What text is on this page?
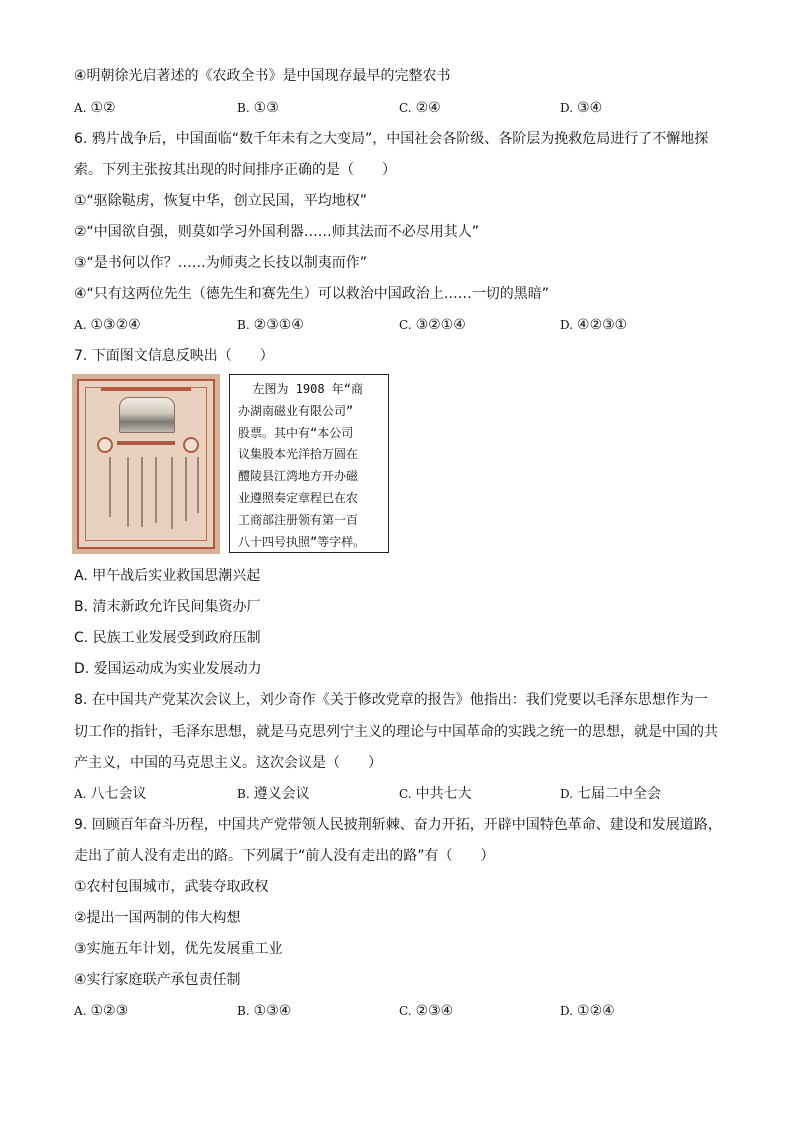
④明朝徐光启著述的《农政全书》是中国现存最早的完整农书
A. ①②	B. ①③	C. ②④	D. ③④
6. 鸦片战争后，中国面临“数千年未有之大变局”，中国社会各阶级、各阶层为挽救危局进行了不懈地探
索。下列主张按其出现的时间排序正确的是（　　）
①“驱除鞑虏，恢复中华，创立民国，平均地权”
②“中国欲自强，则莫如学习外国利器……师其法而不必尽用其人”
③“是书何以作？……为师夷之长技以制夷而作”
④“只有这两位先生（德先生和赛先生）可以救治中国政治上……一切的黑暗”
A. ①③②④	B. ②③①④	C. ③②①④	D. ④②③①
7. 下面图文信息反映出（　　）

左图为 1908 年“商

办湖南磁业有限公司”

股票。其中有“本公司

议集股本光洋拾万圆在

醴陵县江湾地方开办磁

业遵照奏定章程已在农

工商部注册领有第一百

八十四号执照”等字样。

A. 甲午战后实业救国思潮兴起
B. 清末新政允许民间集资办厂
C. 民族工业发展受到政府压制
D. 爱国运动成为实业发展动力
8. 在中国共产党某次会议上，刘少奇作《关于修改党章的报告》他指出：我们党要以毛泽东思想作为一
切工作的指针，毛泽东思想，就是马克思列宁主义的理论与中国革命的实践之统一的思想，就是中国的共
产主义，中国的马克思主义。这次会议是（　　）
A. 八七会议	B. 遵义会议	C. 中共七大	D. 七届二中全会
9. 回顾百年奋斗历程，中国共产党带领人民披荆斩棘、奋力开拓，开辟中国特色革命、建设和发展道路，
走出了前人没有走出的路。下列属于“前人没有走出的路”有（　　）
①农村包围城市，武装夺取政权
②提出一国两制的伟大构想
③实施五年计划，优先发展重工业
④实行家庭联产承包责任制
A. ①②③	B. ①③④	C. ②③④	D. ①②④
